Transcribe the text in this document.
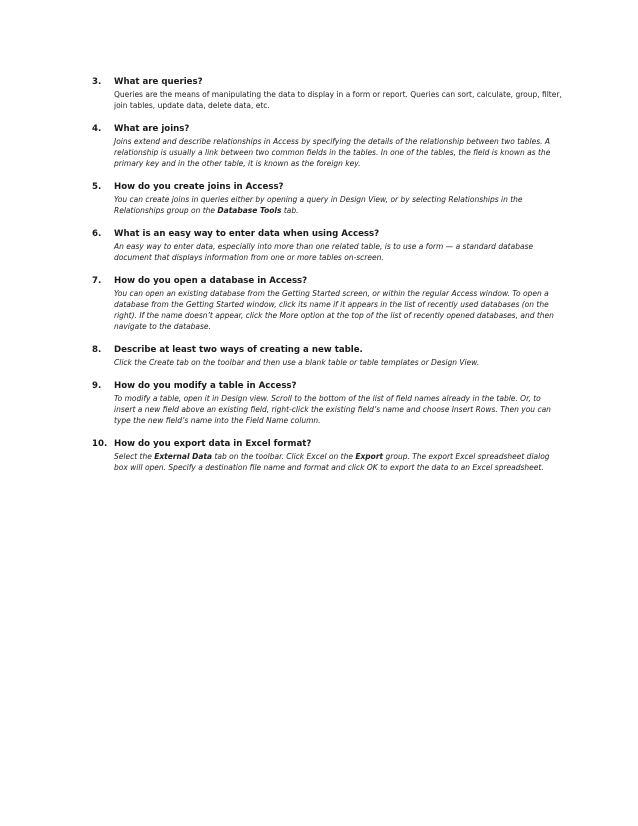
3.	What are queries?

Queries are the means of manipulating the data to display in a form or report. Queries can sort, calculate, group, filter, join tables, update data, delete data, etc.

4.	What are joins?

Joins extend and describe relationships in Access by specifying the details of the relationship between two tables. A relationship is usually a link between two common fields in the tables. In one of the tables, the field is known as the primary key and in the other table, it is known as the foreign key.

5.	How do you create joins in Access?

You can create joins in queries either by opening a query in Design View, or by selecting Relationships in the Relationships group on the Database Tools tab.

6.	What is an easy way to enter data when using Access?

An easy way to enter data, especially into more than one related table, is to use a form — a standard database document that displays information from one or more tables on-screen.

7.	How do you open a database in Access?

You can open an existing database from the Getting Started screen, or within the regular Access window. To open a database from the Getting Started window, click its name if it appears in the list of recently used databases (on the right). If the name doesn’t appear, click the More option at the top of the list of recently opened databases, and then navigate to the database.

8.	Describe at least two ways of creating a new table.

Click the Create tab on the toolbar and then use a blank table or table templates or Design View.

9.	How do you modify a table in Access?

To modify a table, open it in Design view. Scroll to the bottom of the list of field names already in the table. Or, to insert a new field above an existing field, right-click the existing field’s name and choose Insert Rows. Then you can type the new field’s name into the Field Name column.

10. How do you export data in Excel format?

Select the External Data tab on the toolbar. Click Excel on the Export group. The export Excel spreadsheet dialog box will open. Specify a destination file name and format and click OK to export the data to an Excel spreadsheet.
